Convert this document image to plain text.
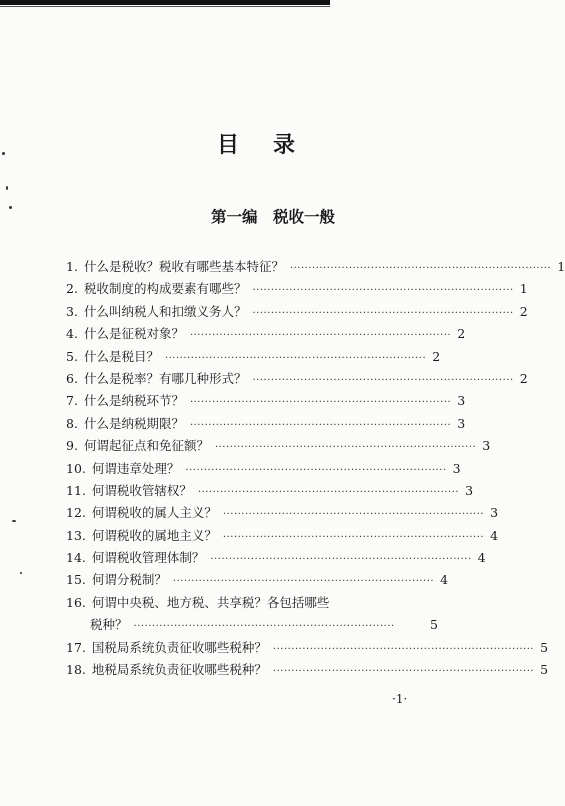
目录
第一编 税收一般
1. 什么是税收？税收有哪些基本特征？ ······································································· 1
2. 税收制度的构成要素有哪些？ ······································································· 1
3. 什么叫纳税人和扣缴义务人？ ······································································· 2
4. 什么是征税对象？ ······································································· 2
5. 什么是税目？ ······································································· 2
6. 什么是税率？有哪几种形式？ ······································································· 2
7. 什么是纳税环节？ ······································································· 3
8. 什么是纳税期限？ ······································································· 3
9. 何谓起征点和免征额？ ······································································· 3
10. 何谓违章处理？ ······································································· 3
11. 何谓税收管辖权？ ······································································· 3
12. 何谓税收的属人主义？ ······································································· 3
13. 何谓税收的属地主义？ ······································································· 4
14. 何谓税收管理体制？ ······································································· 4
15. 何谓分税制？ ······································································· 4
16. 何谓中央税、地方税、共享税？各包括哪些
税种？ ·······································································	5
17. 国税局系统负责征收哪些税种？ ······································································· 5
18. 地税局系统负责征收哪些税种？ ······································································· 5
·1·
